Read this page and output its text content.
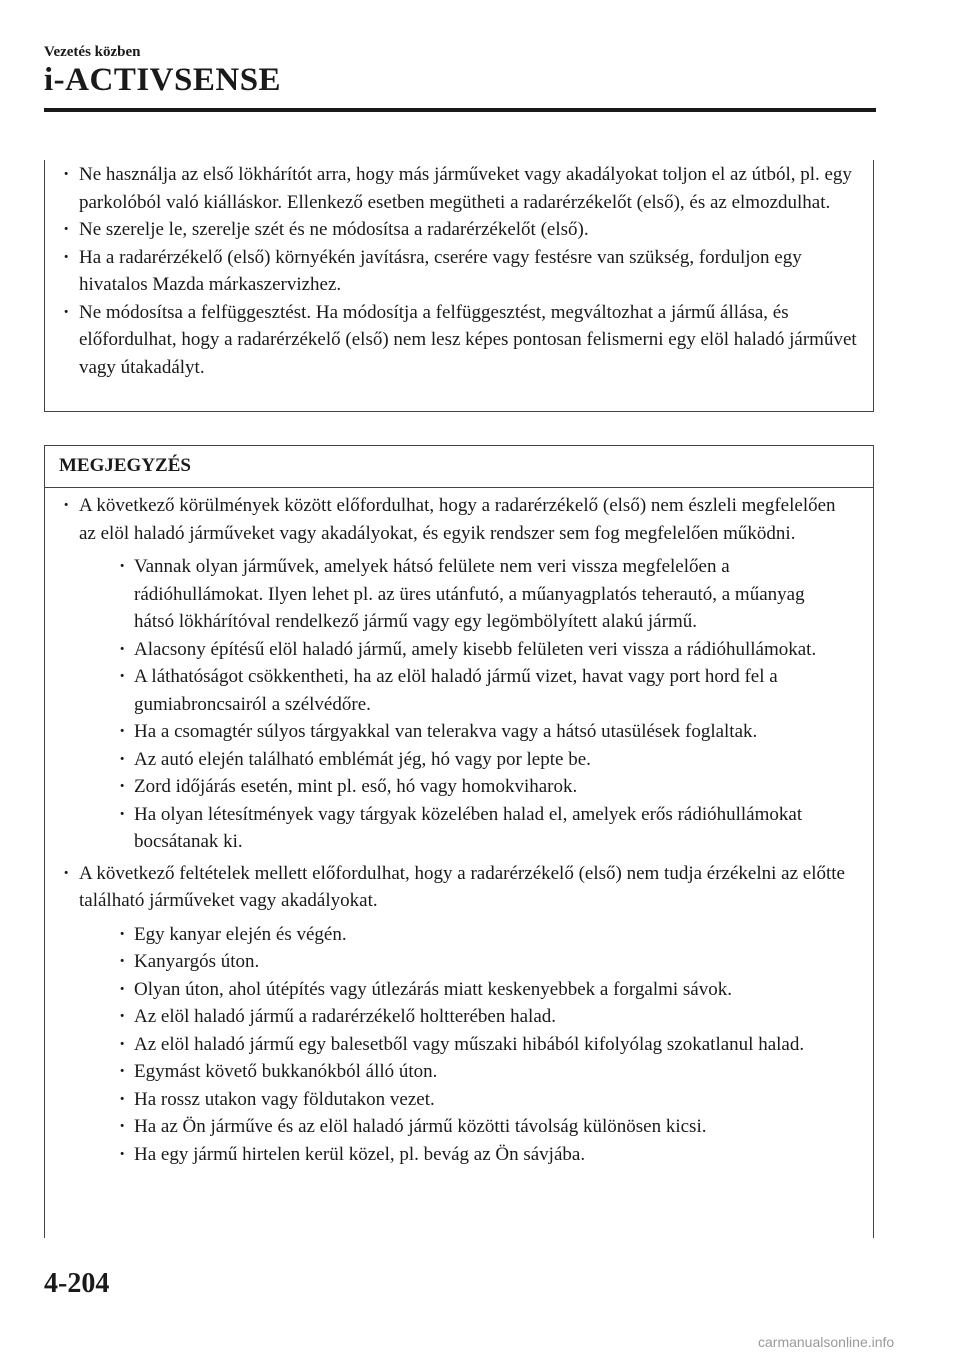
Vezetés közben
i-ACTIVSENSE
· Ne használja az első lökhárítót arra, hogy más járműveket vagy akadályokat toljon el az útból, pl. egy parkolóból való kiálláskor. Ellenkező esetben megütheti a radarérzékelőt (első), és az elmozdulhat.
· Ne szerelje le, szerelje szét és ne módosítsa a radarérzékelőt (első).
· Ha a radarérzékelő (első) környékén javításra, cserére vagy festésre van szükség, forduljon egy hivatalos Mazda márkaszervizhez.
· Ne módosítsa a felfüggesztést. Ha módosítja a felfüggesztést, megváltozhat a jármű állása, és előfordulhat, hogy a radarérzékelő (első) nem lesz képes pontosan felismerni egy elöl haladó járművet vagy útakadályt.
MEGJEGYZÉS
· A következő körülmények között előfordulhat, hogy a radarérzékelő (első) nem észleli megfelelően az elöl haladó járműveket vagy akadályokat, és egyik rendszer sem fog megfelelően működni.
· Vannak olyan járművek, amelyek hátsó felülete nem veri vissza megfelelően a rádióhullámokat. Ilyen lehet pl. az üres utánfutó, a műanyagplatós teherautó, a műanyag hátsó lökhárítóval rendelkező jármű vagy egy legömbölyített alakú jármű.
· Alacsony építésű elöl haladó jármű, amely kisebb felületen veri vissza a rádióhullámokat.
· A láthatóságot csökkentheti, ha az elöl haladó jármű vizet, havat vagy port hord fel a gumiabroncsairól a szélvédőre.
· Ha a csomagtér súlyos tárgyakkal van telerakva vagy a hátsó utasülések foglaltak.
· Az autó elején található emblémát jég, hó vagy por lepte be.
· Zord időjárás esetén, mint pl. eső, hó vagy homokviharok.
· Ha olyan létesítmények vagy tárgyak közelében halad el, amelyek erős rádióhullámokat bocsátanak ki.
· A következő feltételek mellett előfordulhat, hogy a radarérzékelő (első) nem tudja érzékelni az előtte található járműveket vagy akadályokat.
· Egy kanyar elején és végén.
· Kanyargós úton.
· Olyan úton, ahol útépítés vagy útlezárás miatt keskenyebbek a forgalmi sávok.
· Az elöl haladó jármű a radarérzékelő holtterében halad.
· Az elöl haladó jármű egy balesetből vagy műszaki hibából kifolyólag szokatlanul halad.
· Egymást követő bukkanókból álló úton.
· Ha rossz utakon vagy földutakon vezet.
· Ha az Ön járműve és az elöl haladó jármű közötti távolság különösen kicsi.
· Ha egy jármű hirtelen kerül közel, pl. bevág az Ön sávjába.
4-204
carmanualsonline.info
